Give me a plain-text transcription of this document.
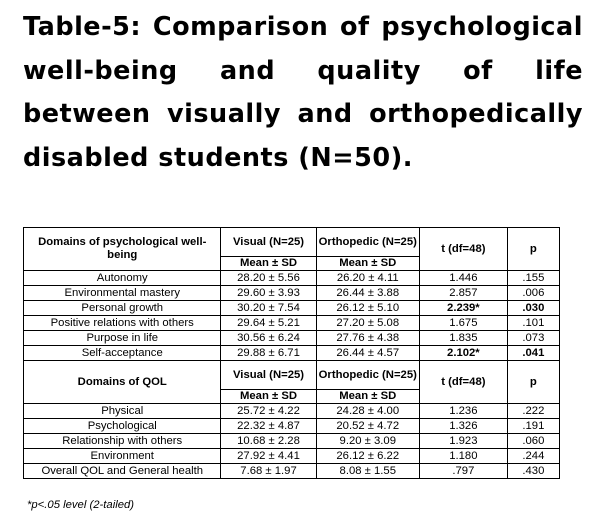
Table-5: Comparison of psychological well-being and quality of life between visually and orthopedically disabled students (N=50).
Domains of psychological well-being	Visual (N=25)	Orthopedic (N=25)	t (df=48)	p
	Mean ± SD	Mean ± SD		
Autonomy	28.20 ± 5.56	26.20 ± 4.11	1.446	.155
Environmental mastery	29.60 ± 3.93	26.44 ± 3.88	2.857	.006
Personal growth	30.20 ± 7.54	26.12 ± 5.10	2.239*	.030
Positive relations with others	29.64 ± 5.21	27.20 ± 5.08	1.675	.101
Purpose in life	30.56 ± 6.24	27.76 ± 4.38	1.835	.073
Self-acceptance	29.88 ± 6.71	26.44 ± 4.57	2.102*	.041
Domains of QOL	Visual (N=25)	Orthopedic (N=25)	t (df=48)	p
	Mean ± SD	Mean ± SD		
Physical	25.72 ± 4.22	24.28 ± 4.00	1.236	.222
Psychological	22.32 ± 4.87	20.52 ± 4.72	1.326	.191
Relationship with others	10.68 ± 2.28	9.20 ± 3.09	1.923	.060
Environment	27.92 ± 4.41	26.12 ± 6.22	1.180	.244
Overall QOL and General health	7.68 ± 1.97	8.08 ± 1.55	.797	.430
*p<.05 level (2-tailed)
